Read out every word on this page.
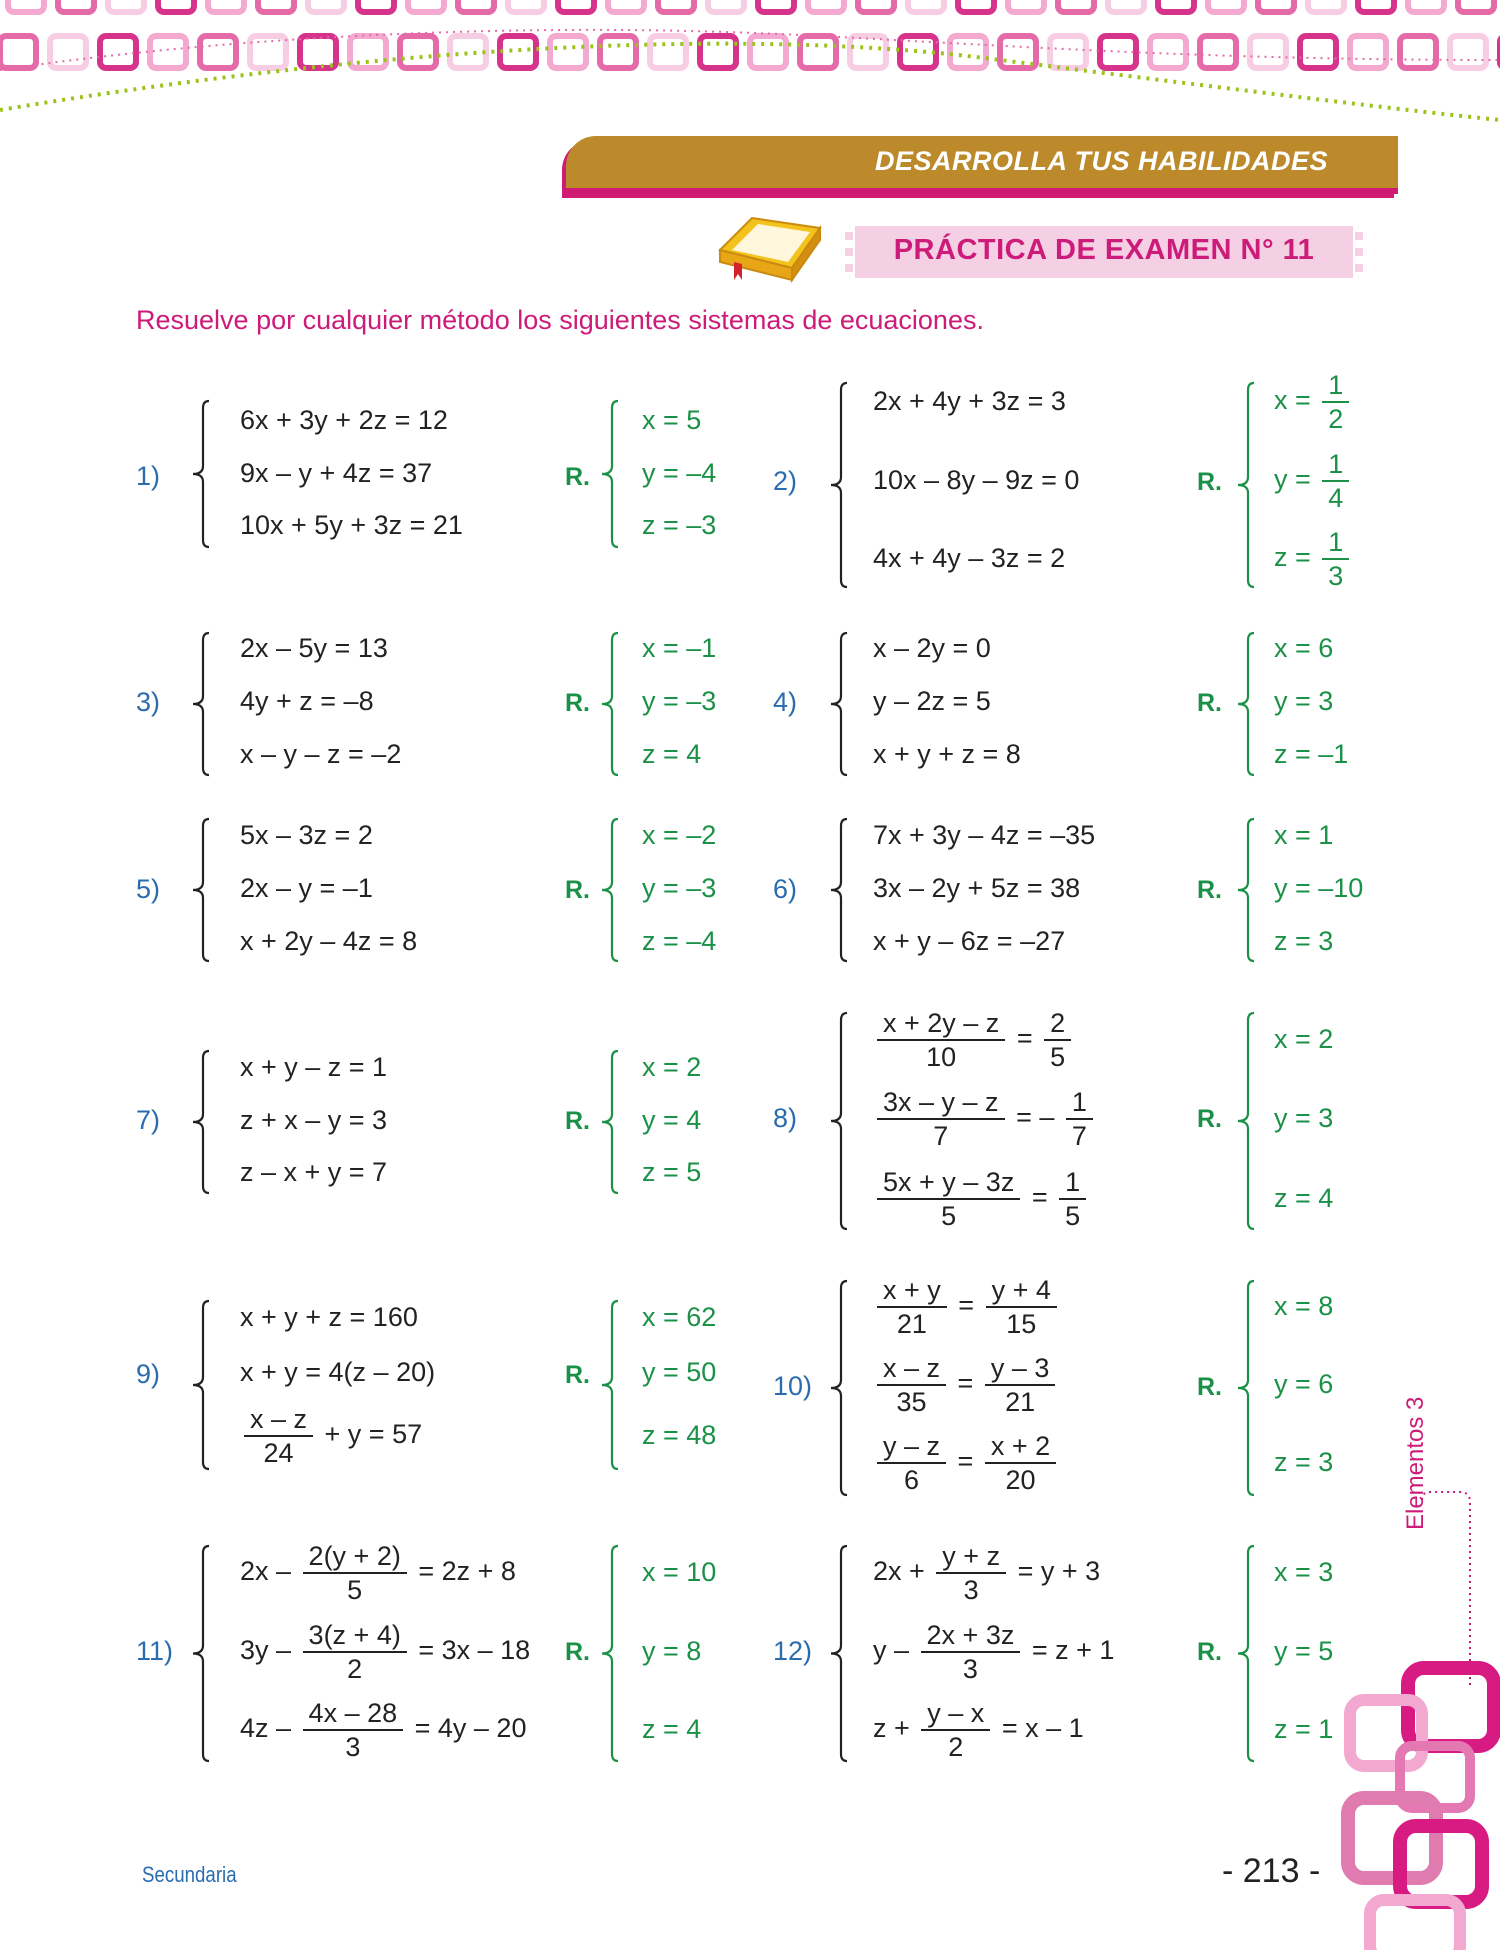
DESARROLLA TUS HABILIDADES
PRÁCTICA DE EXAMEN N° 11
Resuelve por cualquier método los siguientes sistemas de ecuaciones.
1)
6x + 3y + 2z = 12
9x – y + 4z = 37
10x + 5y + 3z = 21
R.
x = 5
y = –4
z = –3
2)
2x + 4y + 3z = 3
10x – 8y – 9z = 0
4x + 4y – 3z = 2
R.
$x = \frac{1}{2}$
$y = \frac{1}{4}$
$z = \frac{1}{3}$
3)
2x – 5y = 13
4y + z = –8
x – y – z = –2
R.
x = –1
y = –3
z = 4
4)
x – 2y = 0
y – 2z = 5
x + y + z = 8
R.
x = 6
y = 3
z = –1
5)
5x – 3z = 2
2x – y = –1
x + 2y – 4z = 8
R.
x = –2
y = –3
z = –4
6)
7x + 3y – 4z = –35
3x – 2y + 5z = 38
x + y – 6z = –27
R.
x = 1
y = –10
z = 3
7)
x + y – z = 1
z + x – y = 3
z – x + y = 7
R.
x = 2
y = 4
z = 5
8)
$\frac{x + 2y - z}{10} = \frac{2}{5}$
$\frac{3x - y - z}{7}$ = – $\frac{1}{7}$
$\frac{5x + y - 3z}{5} = \frac{1}{5}$
R.
x = 2
y = 3
z = 4
9)
x + y + z = 160
x + y = 4(z – 20)
$\frac{x - z}{24} + y = 57$
R.
x = 62
y = 50
z = 48
10)
$\frac{x + y}{21} = \frac{y + 4}{15}$
$\frac{x - z}{35} = \frac{y - 3}{21}$
$\frac{y - z}{6} = \frac{x + 2}{20}$
R.
x = 8
y = 6
z = 3
11)
$2x - \frac{2(y + 2)}{5} = 2z + 8$
$3y - \frac{3(z + 4)}{2} = 3x - 18$
$4z - \frac{4x - 28}{3} = 4y - 20$
R.
x = 10
y = 8
z = 4
12)
$2x + \frac{y + z}{3} = y + 3$
$y - \frac{2x + 3z}{3} = z + 1$
$z + \frac{y - x}{2} = x - 1$
R.
x = 3
y = 5
z = 1
Elementos 3
Secundaria	- 213 -
